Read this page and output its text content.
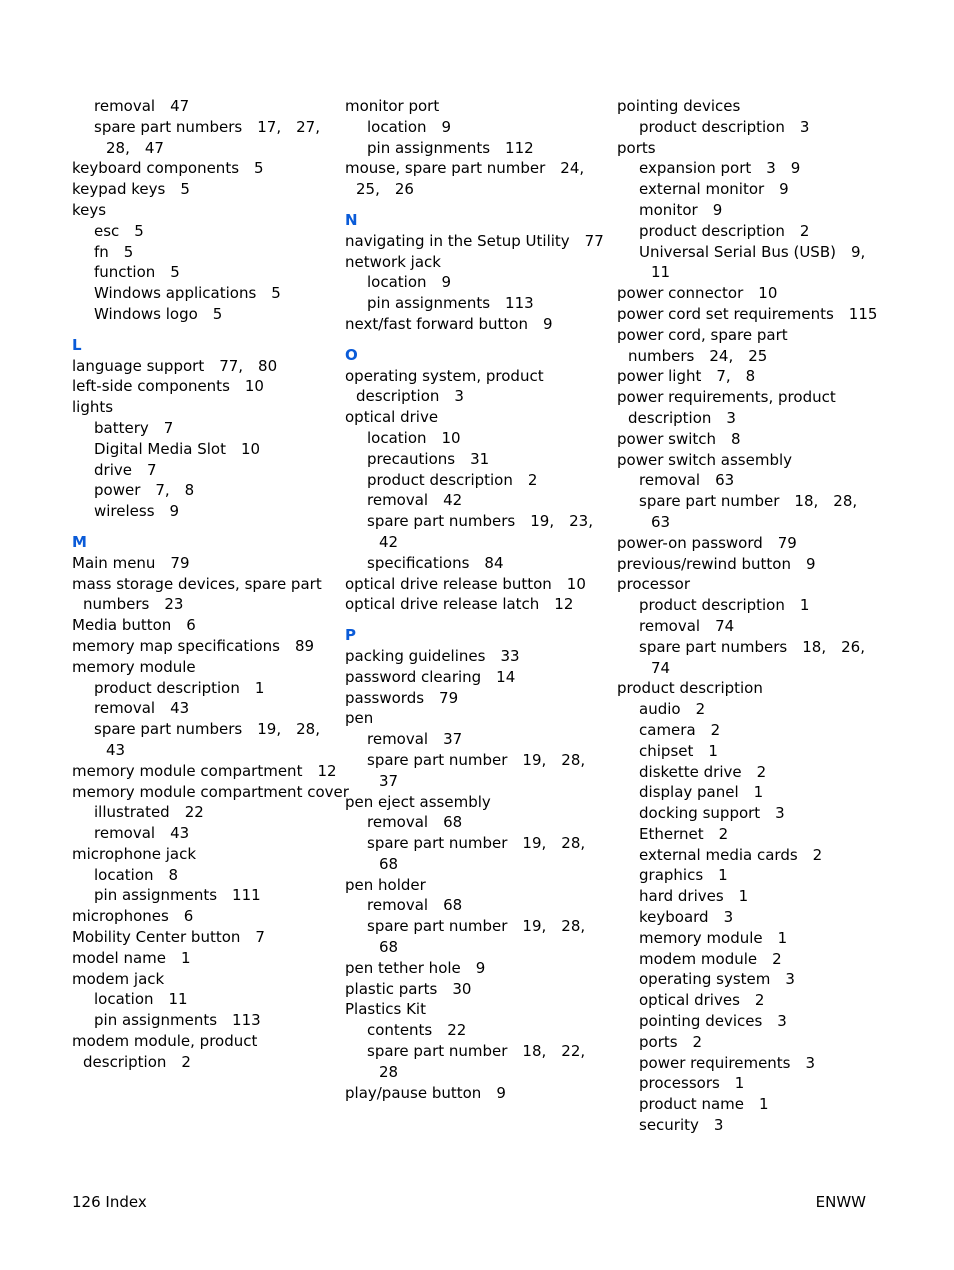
removal 47
spare part numbers 17, 27,
28, 47
keyboard components 5
keypad keys 5
keys
esc 5
fn 5
function 5
Windows applications 5
Windows logo 5
L
language support 77, 80
left-side components 10
lights
battery 7
Digital Media Slot 10
drive 7
power 7, 8
wireless 9
M
Main menu 79
mass storage devices, spare part
numbers 23
Media button 6
memory map specifications 89
memory module
product description 1
removal 43
spare part numbers 19, 28,
43
memory module compartment 12
memory module compartment cover
illustrated 22
removal 43
microphone jack
location 8
pin assignments 111
microphones 6
Mobility Center button 7
model name 1
modem jack
location 11
pin assignments 113
modem module, product
description 2
monitor port
location 9
pin assignments 112
mouse, spare part number 24,
25, 26
N
navigating in the Setup Utility 77
network jack
location 9
pin assignments 113
next/fast forward button 9
O
operating system, product
description 3
optical drive
location 10
precautions 31
product description 2
removal 42
spare part numbers 19, 23,
42
specifications 84
optical drive release button 10
optical drive release latch 12
P
packing guidelines 33
password clearing 14
passwords 79
pen
removal 37
spare part number 19, 28,
37
pen eject assembly
removal 68
spare part number 19, 28,
68
pen holder
removal 68
spare part number 19, 28,
68
pen tether hole 9
plastic parts 30
Plastics Kit
contents 22
spare part number 18, 22,
28
play/pause button 9
pointing devices
product description 3
ports
expansion port 3 9
external monitor 9
monitor 9
product description 2
Universal Serial Bus (USB) 9,
11
power connector 10
power cord set requirements 115
power cord, spare part
numbers 24, 25
power light 7, 8
power requirements, product
description 3
power switch 8
power switch assembly
removal 63
spare part number 18, 28,
63
power-on password 79
previous/rewind button 9
processor
product description 1
removal 74
spare part numbers 18, 26,
74
product description
audio 2
camera 2
chipset 1
diskette drive 2
display panel 1
docking support 3
Ethernet 2
external media cards 2
graphics 1
hard drives 1
keyboard 3
memory module 1
modem module 2
operating system 3
optical drives 2
pointing devices 3
ports 2
power requirements 3
processors 1
product name 1
security 3
126 Index	ENWW
